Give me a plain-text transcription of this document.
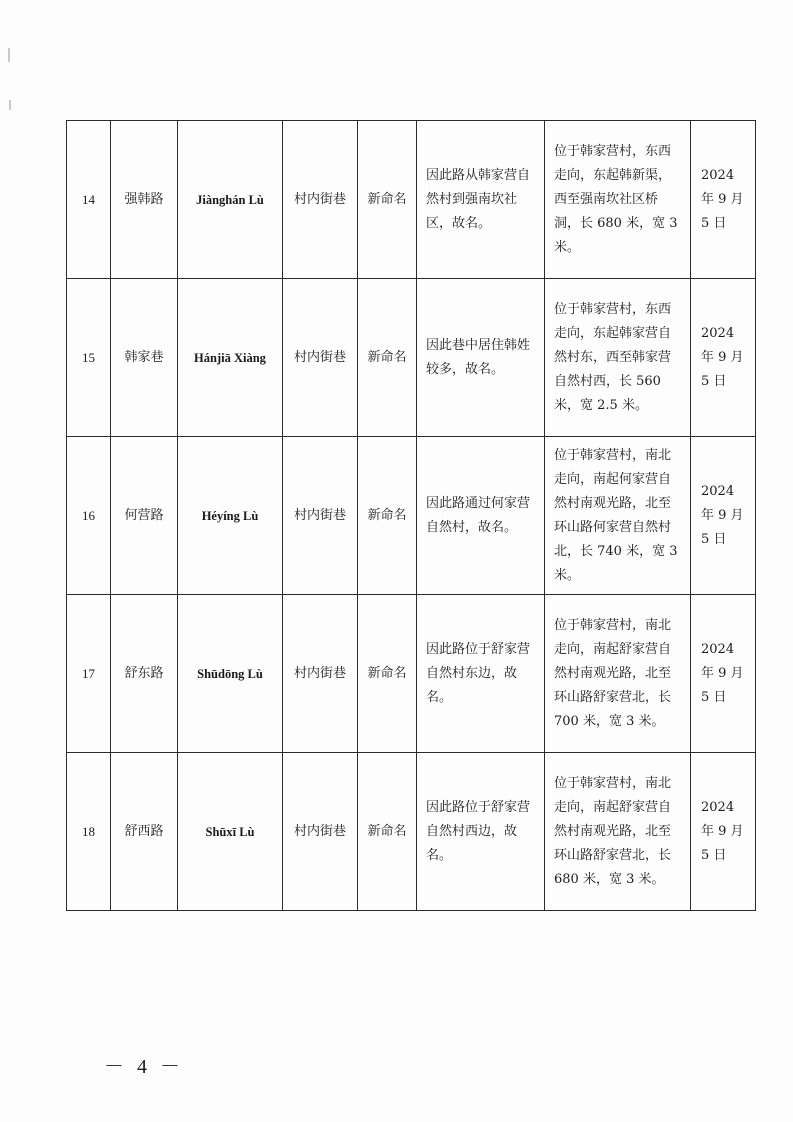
14	强韩路	Jiànghán Lù	村内街巷	新命名	因此路从韩家营自然村到强南坎社区，故名。	位于韩家营村，东西走向，东起韩新渠，西至强南坎社区桥洞，长 680 米，宽 3 米。	2024 年 9 月 5 日
15	韩家巷	Hánjiā Xiàng	村内街巷	新命名	因此巷中居住韩姓较多，故名。	位于韩家营村，东西走向，东起韩家营自然村东，西至韩家营自然村西，长 560 米，宽 2.5 米。	2024 年 9 月 5 日
16	何营路	Héyíng Lù	村内街巷	新命名	因此路通过何家营自然村，故名。	位于韩家营村，南北走向，南起何家营自然村南观光路，北至环山路何家营自然村北，长 740 米，宽 3 米。	2024 年 9 月 5 日
17	舒东路	Shūdōng Lù	村内街巷	新命名	因此路位于舒家营自然村东边，故名。	位于韩家营村，南北走向，南起舒家营自然村南观光路，北至环山路舒家营北，长 700 米，宽 3 米。	2024 年 9 月 5 日
18	舒西路	Shūxī Lù	村内街巷	新命名	因此路位于舒家营自然村西边，故名。	位于韩家营村，南北走向，南起舒家营自然村南观光路，北至环山路舒家营北，长 680 米，宽 3 米。	2024 年 9 月 5 日
－ 4 －
